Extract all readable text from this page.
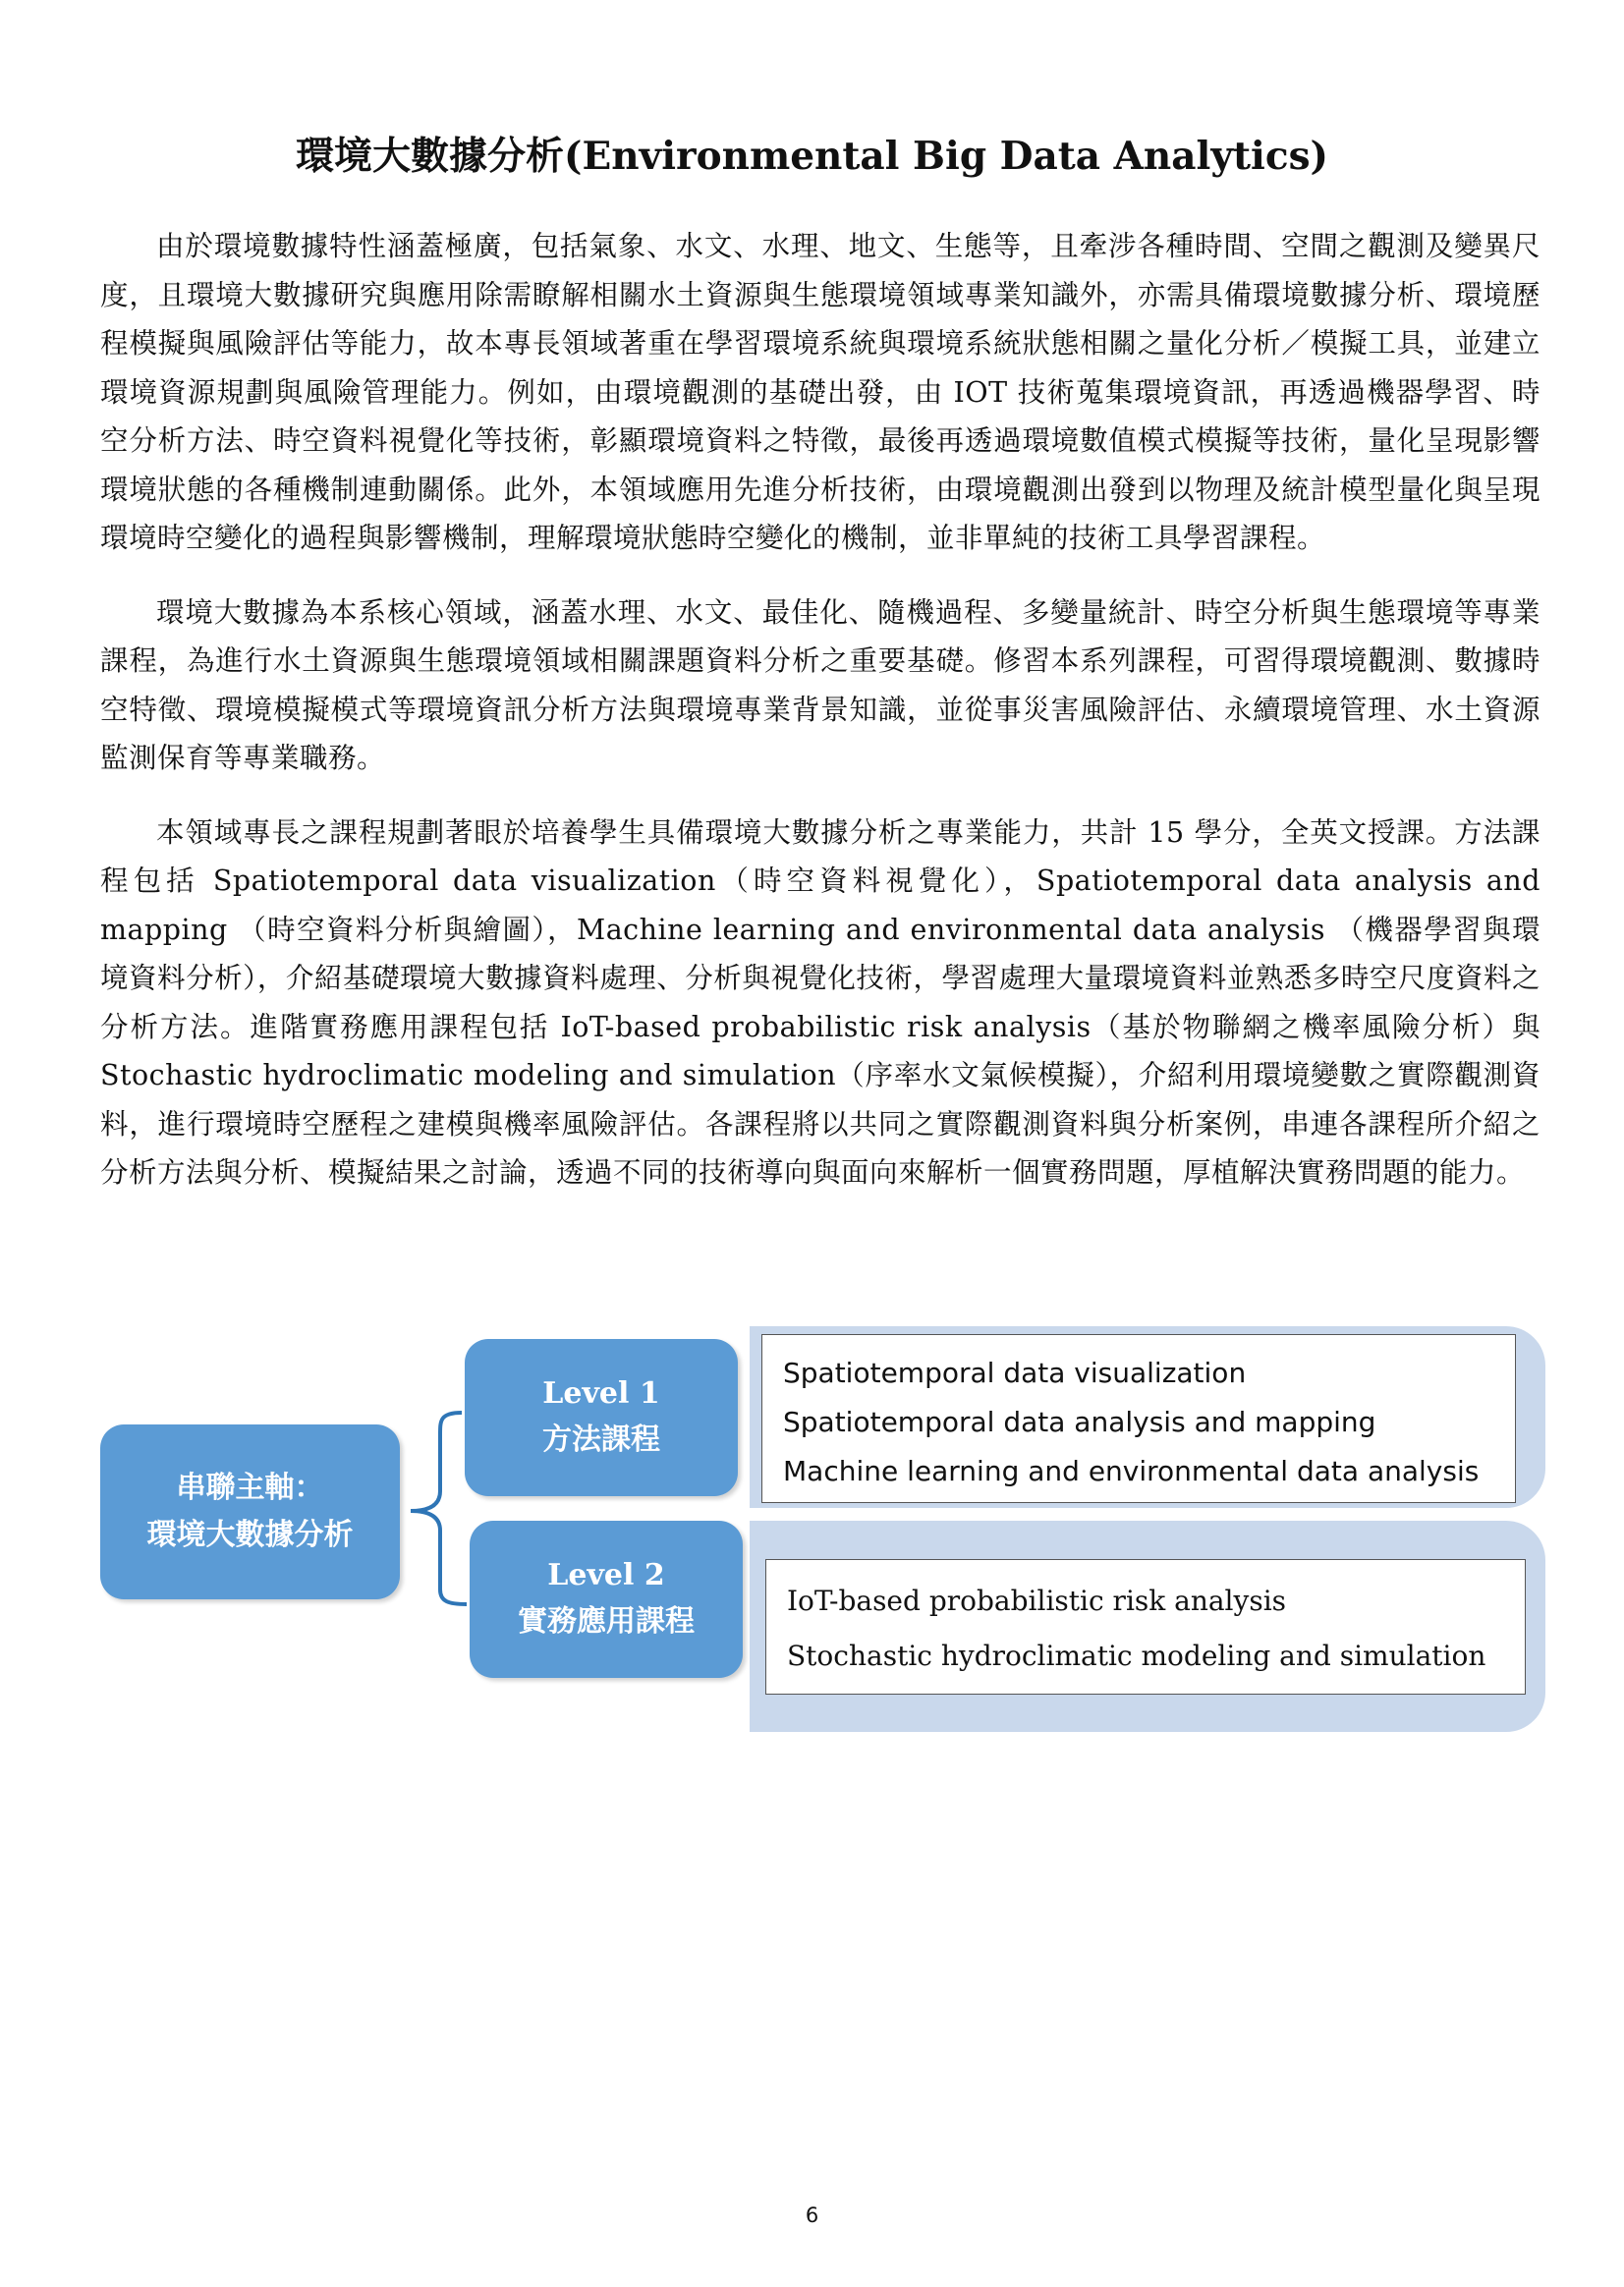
環境大數據分析(Environmental Big Data Analytics)

由於環境數據特性涵蓋極廣，包括氣象、水文、水理、地文、生態等，且牽涉各種時間、空間之觀測及變異尺度，且環境大數據研究與應用除需瞭解相關水土資源與生態環境領域專業知識外，亦需具備環境數據分析、環境歷程模擬與風險評估等能力，故本專長領域著重在學習環境系統與環境系統狀態相關之量化分析／模擬工具，並建立環境資源規劃與風險管理能力。例如，由環境觀測的基礎出發，由 IOT 技術蒐集環境資訊，再透過機器學習、時空分析方法、時空資料視覺化等技術，彰顯環境資料之特徵，最後再透過環境數值模式模擬等技術，量化呈現影響環境狀態的各種機制連動關係。此外，本領域應用先進分析技術，由環境觀測出發到以物理及統計模型量化與呈現環境時空變化的過程與影響機制，理解環境狀態時空變化的機制，並非單純的技術工具學習課程。

環境大數據為本系核心領域，涵蓋水理、水文、最佳化、隨機過程、多變量統計、時空分析與生態環境等專業課程，為進行水土資源與生態環境領域相關課題資料分析之重要基礎。修習本系列課程，可習得環境觀測、數據時空特徵、環境模擬模式等環境資訊分析方法與環境專業背景知識，並從事災害風險評估、永續環境管理、水土資源監測保育等專業職務。

本領域專長之課程規劃著眼於培養學生具備環境大數據分析之專業能力，共計 15 學分，全英文授課。方法課程包括 Spatiotemporal data visualization（時空資料視覺化），Spatiotemporal data analysis and mapping （時空資料分析與繪圖），Machine learning and environmental data analysis （機器學習與環境資料分析），介紹基礎環境大數據資料處理、分析與視覺化技術，學習處理大量環境資料並熟悉多時空尺度資料之分析方法。進階實務應用課程包括 IoT-based probabilistic risk analysis（基於物聯網之機率風險分析）與 Stochastic hydroclimatic modeling and simulation（序率水文氣候模擬），介紹利用環境變數之實際觀測資料，進行環境時空歷程之建模與機率風險評估。各課程將以共同之實際觀測資料與分析案例，串連各課程所介紹之分析方法與分析、模擬結果之討論，透過不同的技術導向與面向來解析一個實務問題，厚植解決實務問題的能力。

串聯主軸：
環境大數據分析
Level 1
方法課程
Level 2
實務應用課程

Spatiotemporal data visualization

Spatiotemporal data analysis and mapping

Machine learning and environmental data analysis

IoT-based probabilistic risk analysis

Stochastic hydroclimatic modeling and simulation

6
